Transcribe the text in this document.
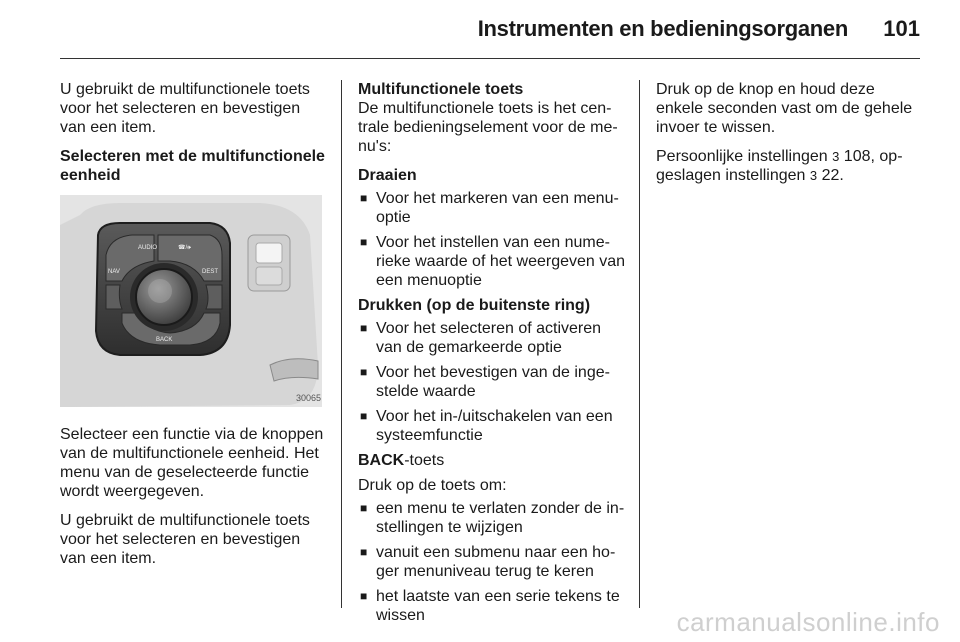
Instrumenten en bedieningsorganen 101

U gebruikt de multifunctionele toets voor het selecteren en bevestigen van een item.

Selecteren met de multifunctionele eenheid

AUDIO	☎/🕪
NAV	DEST
BACK
30065

Selecteer een functie via de knoppen van de multifunctionele eenheid. Het menu van de geselecteerde functie wordt weergegeven.

U gebruikt de multifunctionele toets voor het selecteren en bevestigen van een item.

Multifunctionele toets

De multifunctionele toets is het centrale bedieningselement voor de menu's:

Draaien
■ Voor het markeren van een menuoptie
■ Voor het instellen van een numerieke waarde of het weergeven van een menuoptie
Drukken (op de buitenste ring)
■ Voor het selecteren of activeren van de gemarkeerde optie
■ Voor het bevestigen van de ingestelde waarde
■ Voor het in-/uitschakelen van een systeemfunctie
BACK-toets
Druk op de toets om:
■ een menu te verlaten zonder de instellingen te wijzigen
■ vanuit een submenu naar een hoger menuniveau terug te keren
■ het laatste van een serie tekens te wissen

Druk op de knop en houd deze enkele seconden vast om de gehele invoer te wissen.

Persoonlijke instellingen 3 108, opgeslagen instellingen 3 22.

carmanualsonline.info
